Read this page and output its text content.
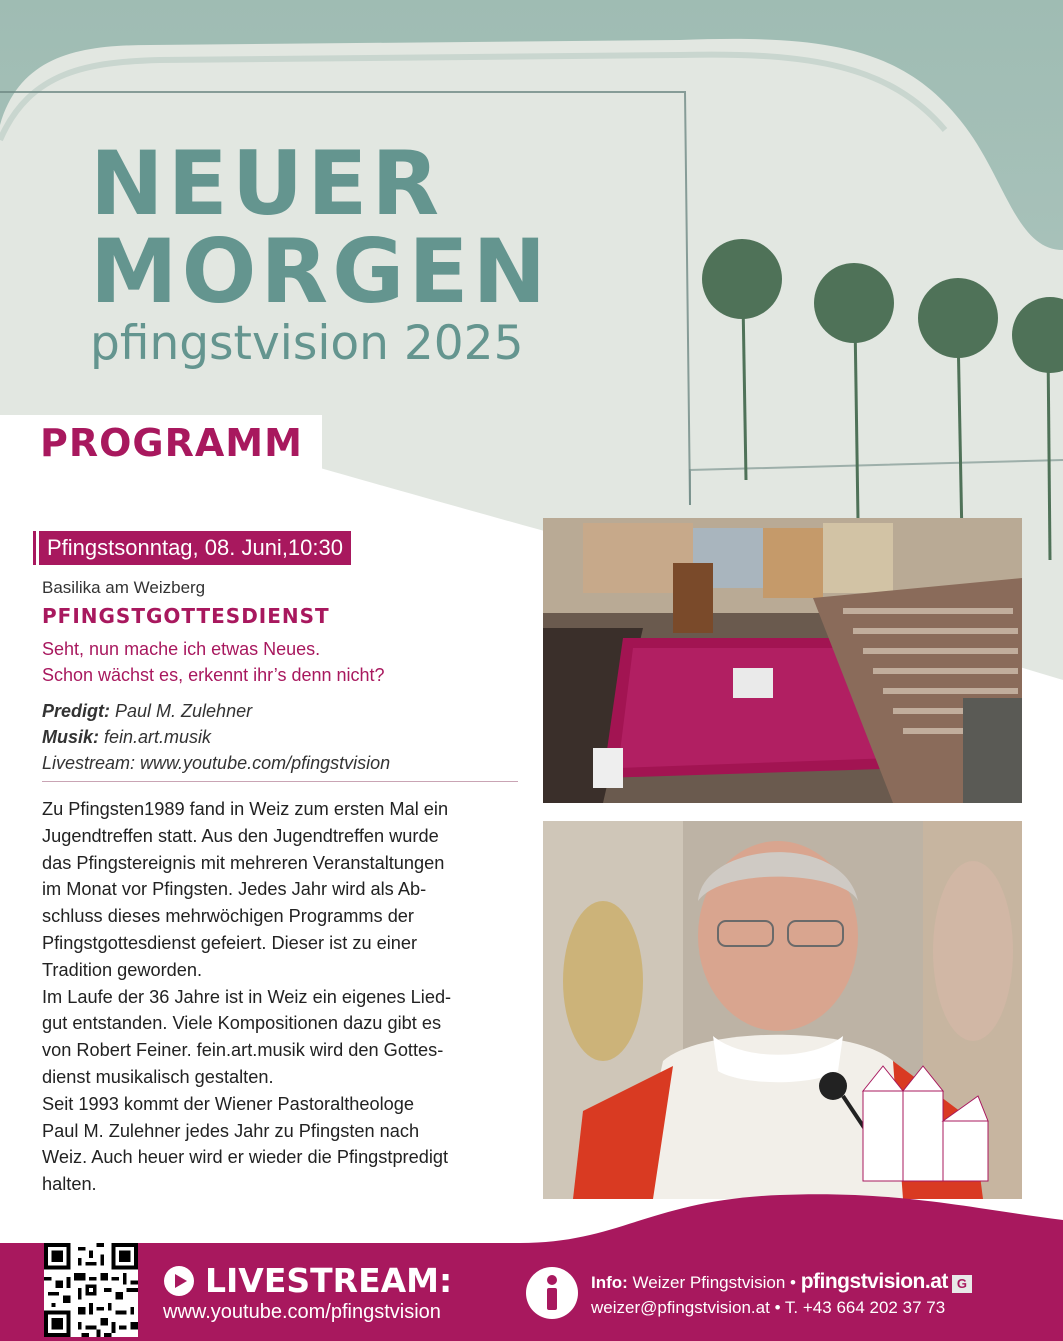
NEUER
MORGEN
pfingstvision 2025
PROGRAMM
Pfingstsonntag, 08. Juni,10:30
Basilika am Weizberg
PFINGSTGOTTESDIENST
Seht, nun mache ich etwas Neues.
Schon wächst es, erkennt ihr’s denn nicht?
Predigt: Paul M. Zulehner
Musik: fein.art.musik
Livestream: www.youtube.com/pfingstvision

Zu Pfingsten1989 fand in Weiz zum ersten Mal ein
Jugendtreffen statt. Aus den Jugendtreffen wurde
das Pfingstereignis mit mehreren Veranstaltungen
im Monat vor Pfingsten. Jedes Jahr wird als Ab-
schluss dieses mehrwöchigen Programms der
Pfingstgottesdienst gefeiert. Dieser ist zu einer
Tradition geworden.

Im Laufe der 36 Jahre ist in Weiz ein eigenes Lied-
gut entstanden. Viele Kompositionen dazu gibt es
von Robert Feiner. fein.art.musik wird den Gottes-
dienst musikalisch gestalten.

Seit 1993 kommt der Wiener Pastoraltheologe
Paul M. Zulehner jedes Jahr zu Pfingsten nach
Weiz. Auch heuer wird er wieder die Pfingstpredigt
halten.

LIVESTREAM:
www.youtube.com/pfingstvision
Info: Weizer Pfingstvision • pfingstvision.at G
weizer@pfingstvision.at • T. +43 664 202 37 73
